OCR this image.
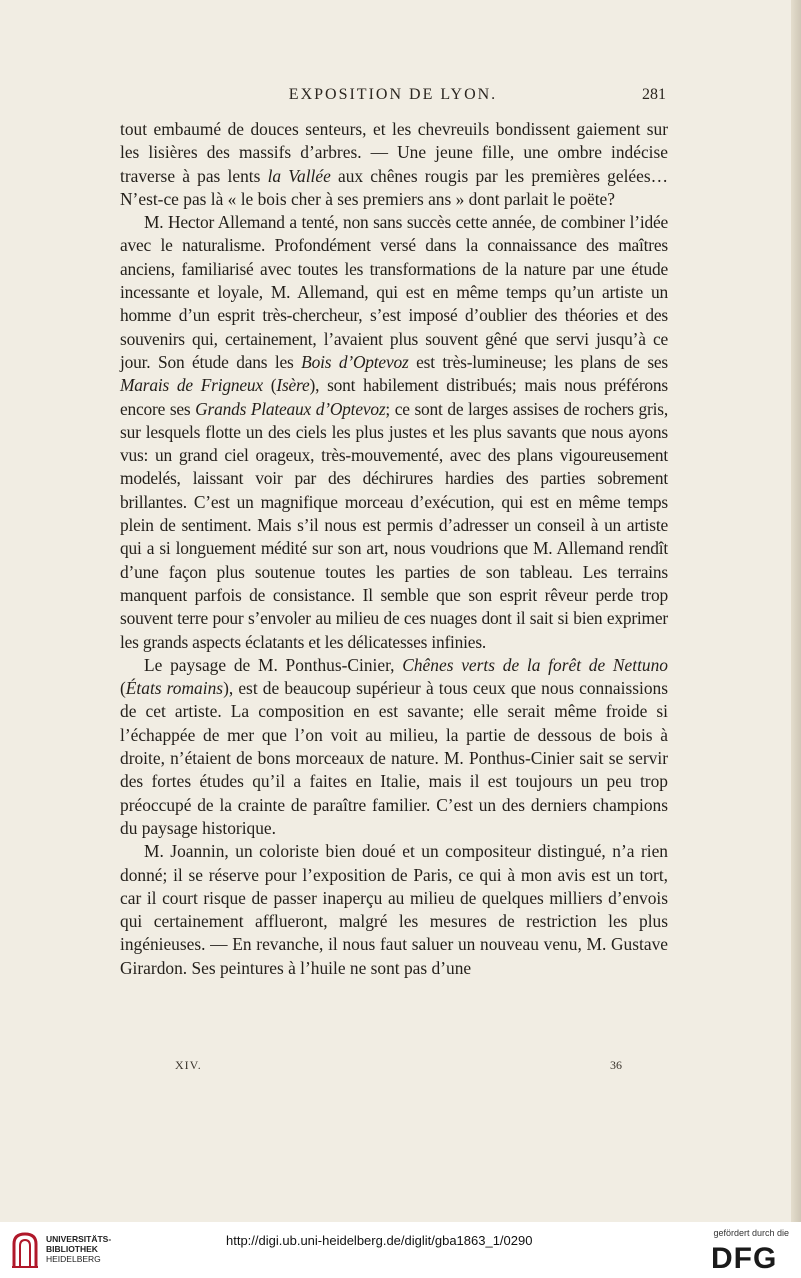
EXPOSITION DE LYON.	281

tout embaumé de douces senteurs, et les chevreuils bondissent gaiement sur les lisières des massifs d’arbres. — Une jeune fille, une ombre indécise traverse à pas lents la Vallée aux chênes rougis par les premières gelées… N’est-ce pas là « le bois cher à ses premiers ans » dont parlait le poëte?

M. Hector Allemand a tenté, non sans succès cette année, de combiner l’idée avec le naturalisme. Profondément versé dans la connaissance des maîtres anciens, familiarisé avec toutes les transformations de la nature par une étude incessante et loyale, M. Allemand, qui est en même temps qu’un artiste un homme d’un esprit très-chercheur, s’est imposé d’oublier des théories et des souvenirs qui, certainement, l’avaient plus souvent gêné que servi jusqu’à ce jour. Son étude dans les Bois d’Optevoz est très-lumineuse; les plans de ses Marais de Frigneux (Isère), sont habilement distribués; mais nous préférons encore ses Grands Plateaux d’Optevoz; ce sont de larges assises de rochers gris, sur lesquels flotte un des ciels les plus justes et les plus savants que nous ayons vus: un grand ciel orageux, très-mouvementé, avec des plans vigoureusement modelés, laissant voir par des déchirures hardies des parties sobrement brillantes. C’est un magnifique morceau d’exécution, qui est en même temps plein de sentiment. Mais s’il nous est permis d’adresser un conseil à un artiste qui a si longuement médité sur son art, nous voudrions que M. Allemand rendît d’une façon plus soutenue toutes les parties de son tableau. Les terrains manquent parfois de consistance. Il semble que son esprit rêveur perde trop souvent terre pour s’envoler au milieu de ces nuages dont il sait si bien exprimer les grands aspects éclatants et les délicatesses infinies.

Le paysage de M. Ponthus-Cinier, Chênes verts de la forêt de Nettuno (États romains), est de beaucoup supérieur à tous ceux que nous connaissions de cet artiste. La composition en est savante; elle serait même froide si l’échappée de mer que l’on voit au milieu, la partie de dessous de bois à droite, n’étaient de bons morceaux de nature. M. Ponthus-Cinier sait se servir des fortes études qu’il a faites en Italie, mais il est toujours un peu trop préoccupé de la crainte de paraître familier. C’est un des derniers champions du paysage historique.

M. Joannin, un coloriste bien doué et un compositeur distingué, n’a rien donné; il se réserve pour l’exposition de Paris, ce qui à mon avis est un tort, car il court risque de passer inaperçu au milieu de quelques milliers d’envois qui certainement afflueront, malgré les mesures de restriction les plus ingénieuses. — En revanche, il nous faut saluer un nouveau venu, M. Gustave Girardon. Ses peintures à l’huile ne sont pas d’une

XIV.	36
UNIVERSITÄTS-
BIBLIOTHEK
HEIDELBERG
http://digi.ub.uni-heidelberg.de/diglit/gba1863_1/0290	gefördert durch die
DFG
